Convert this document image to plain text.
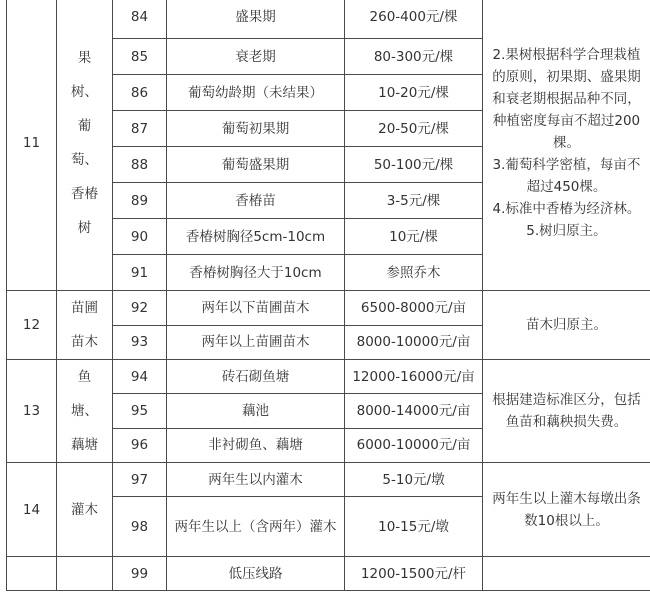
11	果树、葡萄、香椿树	84	盛果期	260-400元/棵	2.果树根据科学合理栽植的原则，初果期、盛果期和衰老期根据品种不同，种植密度每亩不超过200棵。
3.葡萄科学密植，每亩不超过450棵。
4.标准中香椿为经济林。
5.树归原主。

		85	衰老期	80-300元/棵	
		86	葡萄幼龄期（未结果）	10-20元/棵	
		87	葡萄初果期	20-50元/棵	
		88	葡萄盛果期	50-100元/棵	
		89	香椿苗	3-5元/棵	
		90	香椿树胸径5cm-10cm	10元/棵	
		91	香椿树胸径大于10cm	参照乔木	
12	苗圃苗木	92	两年以下苗圃苗木	6500-8000元/亩	苗木归原主。

		93	两年以上苗圃苗木	8000-10000元/亩	
13	鱼塘、藕塘	94	砖石砌鱼塘	12000-16000元/亩	根据建造标准区分，包括鱼苗和藕秧损失费。

		95	藕池	8000-14000元/亩	
		96	非衬砌鱼、藕塘	6000-10000元/亩	
14	灌木	97	两年生以内灌木	5-10元/墩	两年生以上灌木每墩出条数10根以上。

		98	两年生以上（含两年）灌木	10-15元/墩	
		99	低压线路	1200-1500元/杆	
